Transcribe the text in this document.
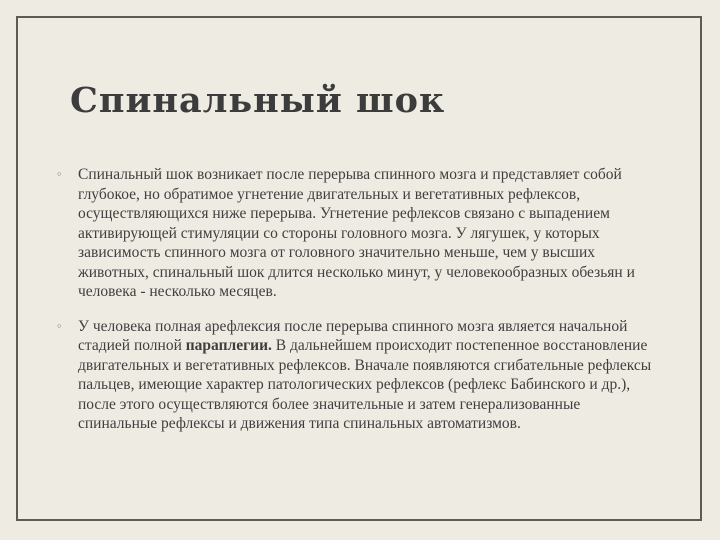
Спинальный шок
◦	Спинальный шок возникает после перерыва спинного мозга и представляет собой глубокое, но обратимое угнетение двигательных и вегетативных рефлексов, осуществляющихся ниже перерыва. Угнетение рефлексов связано с выпадением активирующей стимуляции со стороны головного мозга. У лягушек, у которых зависимость спинного мозга от головного значительно меньше, чем у высших животных, спинальный шок длится несколько минут, у человекообразных обезьян и человека - несколько месяцев.
◦	У человека полная арефлексия после перерыва спинного мозга является начальной стадией полной параплегии. В дальнейшем происходит постепенное восстановление двигательных и вегетативных рефлексов. Вначале появляются сгибательные рефлексы пальцев, имеющие характер патологических рефлексов (рефлекс Бабинского и др.), после этого осуществляются более значительные и затем генерализованные спинальные рефлексы и движения типа спинальных автоматизмов.
